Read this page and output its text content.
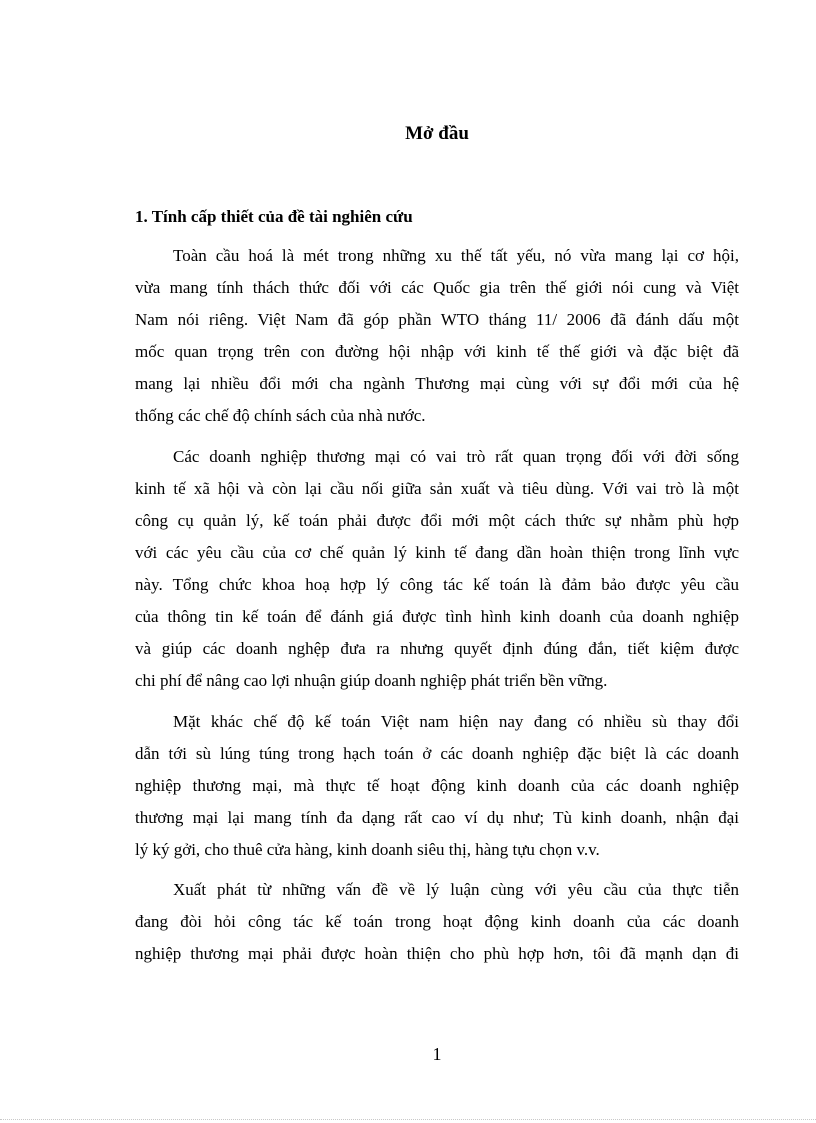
Mở đầu
1. Tính cấp thiết của đề tài nghiên cứu

Toàn cầu hoá là mét trong những xu thế tất yếu, nó vừa mang lại cơ hội,
vừa mang tính thách thức đối với các Quốc gia trên thế giới nói cung và Việt
Nam nói riêng. Việt Nam đã góp phần WTO tháng 11/ 2006 đã đánh dấu một
mốc quan trọng trên con đường hội nhập với kinh tế thế giới và đặc biệt đã
mang lại nhiều đổi mới cha ngành Thương mại cùng với sự đổi mới của hệ
thống các chế độ chính sách của nhà nước.

Các doanh nghiệp thương mại có vai trò rất quan trọng đối với đời sống
kinh tế xã hội và còn lại cầu nối giữa sản xuất và tiêu dùng. Với vai trò là một
công cụ quản lý, kế toán phải được đổi mới một cách thức sự nhằm phù hợp
với các yêu cầu của cơ chế quản lý kinh tế đang dần hoàn thiện trong lĩnh vực
này. Tổng chức khoa hoạ hợp lý công tác kế toán là đảm bảo được yêu cầu
của thông tin kế toán để đánh giá được tình hình kinh doanh của doanh nghiệp
và giúp các doanh nghệp đưa ra nhưng quyết định đúng đắn, tiết kiệm được
chi phí để nâng cao lợi nhuận giúp doanh nghiệp phát triển bền vững.

Mặt khác chế độ kế toán Việt nam hiện nay đang có nhiều sù thay đổi
dẫn tới sù lúng túng trong hạch toán ở các doanh nghiệp đặc biệt là các doanh
nghiệp thương mại, mà thực tế hoạt động kinh doanh của các doanh nghiệp
thương mại lại mang tính đa dạng rất cao ví dụ như; Tù kinh doanh, nhận đại
lý ký gởi, cho thuê cửa hàng, kinh doanh siêu thị, hàng tựu chọn v.v.

Xuất phát từ những vấn đề về lý luận cùng với yêu cầu của thực tiễn
đang đòi hỏi công tác kế toán trong hoạt động kinh doanh của các doanh
nghiệp thương mại phải được hoàn thiện cho phù hợp hơn, tôi đã mạnh dạn đi

1
